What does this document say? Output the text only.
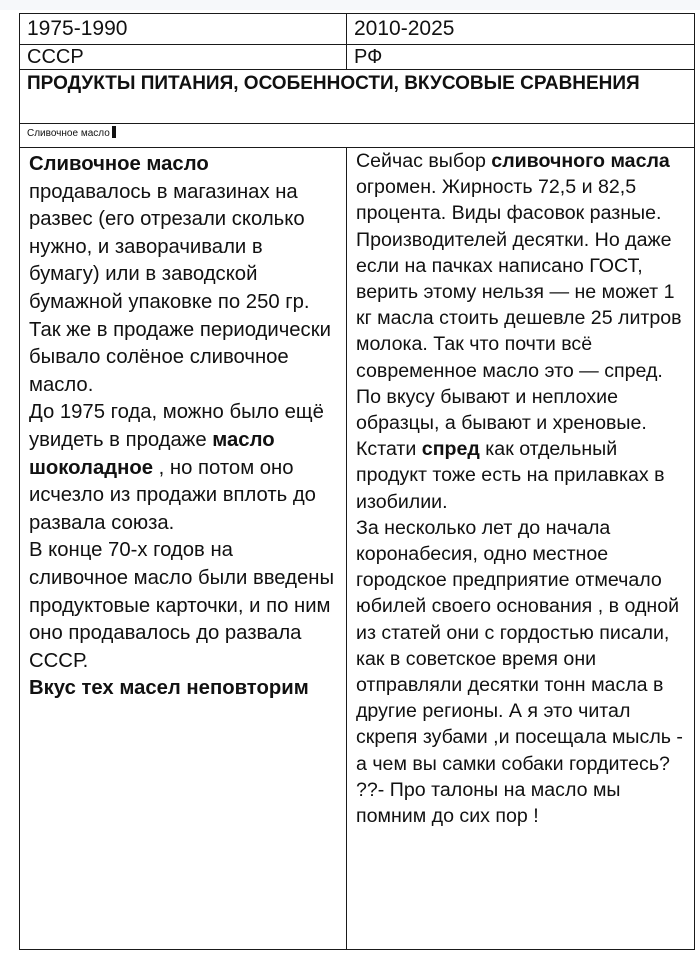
1975-1990	2010-2025
СССР	РФ
ПРОДУКТЫ ПИТАНИЯ, ОСОБЕННОСТИ, ВКУСОВЫЕ СРАВНЕНИЯ
Сливочное масло
Сливочное масло продавалось в магазинах на развес (его отрезали сколько нужно, и заворачивали в бумагу) или в заводской бумажной упаковке по 250 гр.
Так же в продаже периодически бывало солёное сливочное масло.
До 1975 года, можно было ещё увидеть в продаже масло шоколадное , но потом оно исчезло из продажи вплоть до развала союза.
В конце 70-х годов на сливочное масло были введены продуктовые карточки, и по ним оно продавалось до развала СССР.
Вкус тех масел неповторим
Сейчас выбор сливочного масла огромен. Жирность 72,5 и 82,5 процента. Виды фасовок разные. Производителей десятки. Но даже если на пачках написано ГОСТ, верить этому нельзя — не может 1 кг масла стоить дешевле 25 литров молока. Так что почти всё современное масло это — спред. По вкусу бывают и неплохие образцы, а бывают и хреновые.
Кстати спред как отдельный продукт тоже есть на прилавках в изобилии.
За несколько лет до начала коронабесия, одно местное городское предприятие отмечало юбилей своего основания , в одной из статей они с гордостью писали, как в советское время они отправляли десятки тонн масла в другие регионы. А я это читал скрепя зубами ,и посещала мысль - а чем вы самки собаки гордитесь? ??- Про талоны на масло мы помним до сих пор !
